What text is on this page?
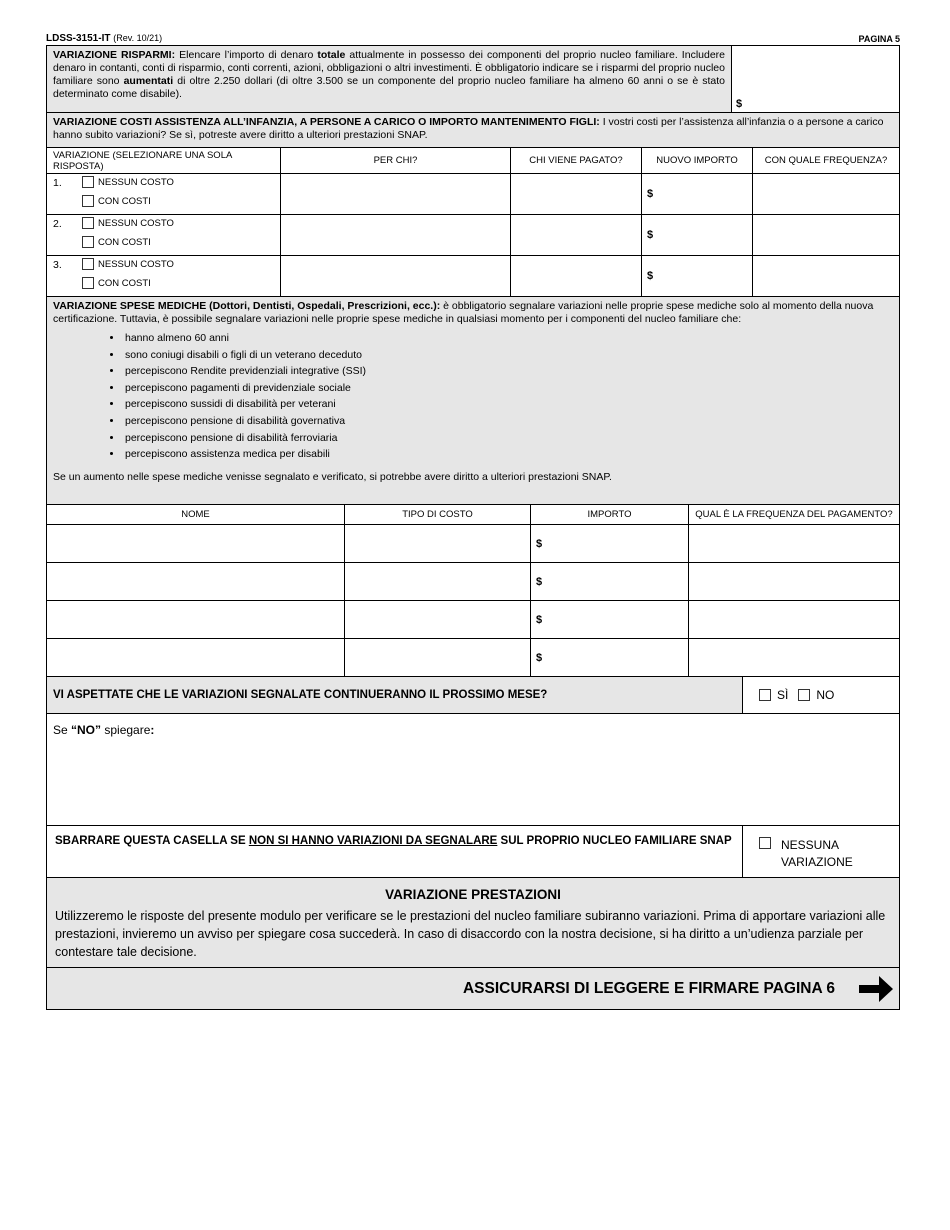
LDSS-3151-IT (Rev. 10/21)	PAGINA 5
VARIAZIONE RISPARMI: Elencare l’importo di denaro totale attualmente in possesso dei componenti del proprio nucleo familiare. Includere denaro in contanti, conti di risparmio, conti correnti, azioni, obbligazioni o altri investimenti. È obbligatorio indicare se i risparmi del proprio nucleo familiare sono aumentati di oltre 2.250 dollari (di oltre 3.500 se un componente del proprio nucleo familiare ha almeno 60 anni o se è stato determinato come disabile).
$
VARIAZIONE COSTI ASSISTENZA ALL’INFANZIA, A PERSONE A CARICO O IMPORTO MANTENIMENTO FIGLI: I vostri costi per l’assistenza all’infanzia o a persone a carico hanno subito variazioni? Se sì, potreste avere diritto a ulteriori prestazioni SNAP.
VARIAZIONE (SELEZIONARE UNA SOLA RISPOSTA)	PER CHI?	CHI VIENE PAGATO?	NUOVO IMPORTO	CON QUALE FREQUENZA?
1.	NESSUN COSTO
CON COSTI
$
2.	NESSUN COSTO
CON COSTI
$
3.	NESSUN COSTO
CON COSTI
$
VARIAZIONE SPESE MEDICHE (Dottori, Dentisti, Ospedali, Prescrizioni, ecc.): è obbligatorio segnalare variazioni nelle proprie spese mediche solo al momento della nuova certificazione. Tuttavia, è possibile segnalare variazioni nelle proprie spese mediche in qualsiasi momento per i componenti del nucleo familiare che:
• hanno almeno 60 anni
• sono coniugi disabili o figli di un veterano deceduto
• percepiscono Rendite previdenziali integrative (SSI)
• percepiscono pagamenti di previdenziale sociale
• percepiscono sussidi di disabilità per veterani
• percepiscono pensione di disabilità governativa
• percepiscono pensione di disabilità ferroviaria
• percepiscono assistenza medica per disabili
Se un aumento nelle spese mediche venisse segnalato e verificato, si potrebbe avere diritto a ulteriori prestazioni SNAP.
NOME	TIPO DI COSTO	IMPORTO	QUAL È LA FREQUENZA DEL PAGAMENTO?
$
$
$
$
VI ASPETTATE CHE LE VARIAZIONI SEGNALATE CONTINUERANNO IL PROSSIMO MESE?	SÌ NO
Se “NO” spiegare:
SBARRARE QUESTA CASELLA SE NON SI HANNO VARIAZIONI DA SEGNALARE SUL PROPRIO NUCLEO FAMILIARE SNAP	NESSUNA
VARIAZIONE
VARIAZIONE PRESTAZIONI
Utilizzeremo le risposte del presente modulo per verificare se le prestazioni del nucleo familiare subiranno variazioni. Prima di apportare variazioni alle prestazioni, invieremo un avviso per spiegare cosa succederà. In caso di disaccordo con la nostra decisione, si ha diritto a un’udienza parziale per contestare tale decisione.
ASSICURARSI DI LEGGERE E FIRMARE PAGINA 6
